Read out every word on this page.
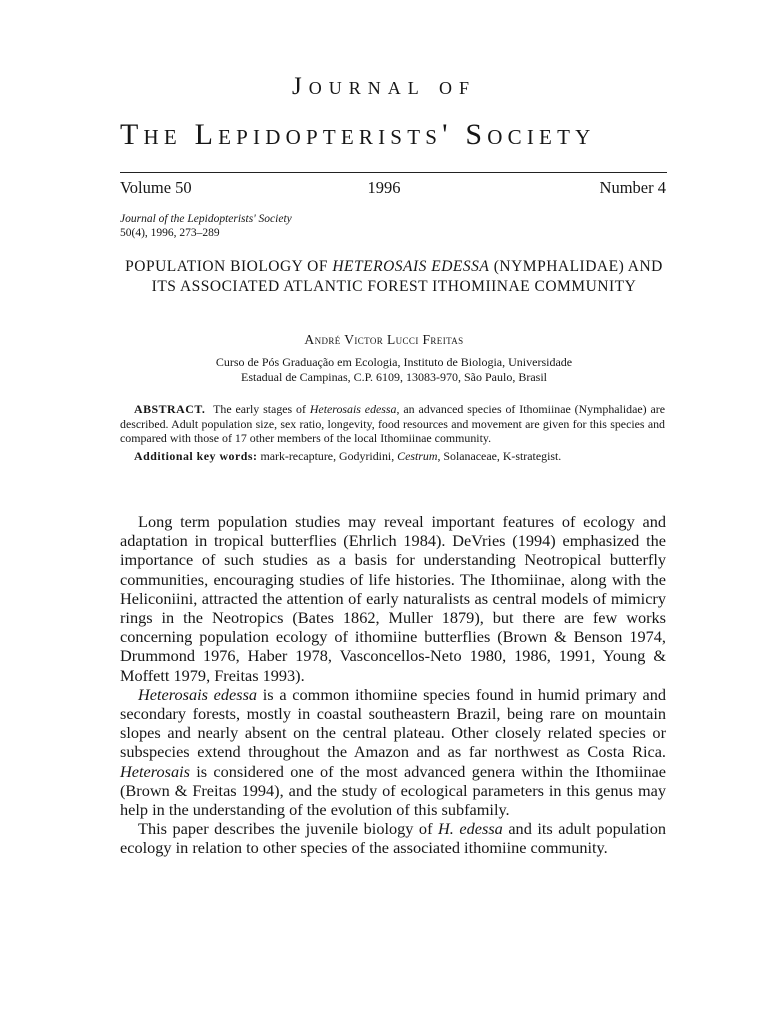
Journal of
The Lepidopterists' Society
Volume 50	1996	Number 4
Journal of the Lepidopterists' Society
50(4), 1996, 273–289
POPULATION BIOLOGY OF HETEROSAIS EDESSA (NYMPHALIDAE) AND ITS ASSOCIATED ATLANTIC FOREST ITHOMIINAE COMMUNITY
André Victor Lucci Freitas
Curso de Pós Graduação em Ecologia, Instituto de Biologia, Universidade
Estadual de Campinas, C.P. 6109, 13083-970, São Paulo, Brasil

ABSTRACT. The early stages of Heterosais edessa, an advanced species of Ithomiinae (Nymphalidae) are described. Adult population size, sex ratio, longevity, food resources and movement are given for this species and compared with those of 17 other members of the local Ithomiinae community.

Additional key words: mark-recapture, Godyridini, Cestrum, Solanaceae, K-strategist.

Long term population studies may reveal important features of ecology and adaptation in tropical butterflies (Ehrlich 1984). DeVries (1994) emphasized the importance of such studies as a basis for understanding Neotropical butterfly communities, encouraging studies of life histories. The Ithomiinae, along with the Heliconiini, attracted the attention of early naturalists as central models of mimicry rings in the Neotropics (Bates 1862, Muller 1879), but there are few works concerning population ecology of ithomiine butterflies (Brown & Benson 1974, Drummond 1976, Haber 1978, Vasconcellos-Neto 1980, 1986, 1991, Young & Moffett 1979, Freitas 1993).

Heterosais edessa is a common ithomiine species found in humid primary and secondary forests, mostly in coastal southeastern Brazil, being rare on mountain slopes and nearly absent on the central plateau. Other closely related species or subspecies extend throughout the Amazon and as far northwest as Costa Rica. Heterosais is considered one of the most advanced genera within the Ithomiinae (Brown & Freitas 1994), and the study of ecological parameters in this genus may help in the understanding of the evolution of this subfamily.

This paper describes the juvenile biology of H. edessa and its adult population ecology in relation to other species of the associated ithomiine community.
